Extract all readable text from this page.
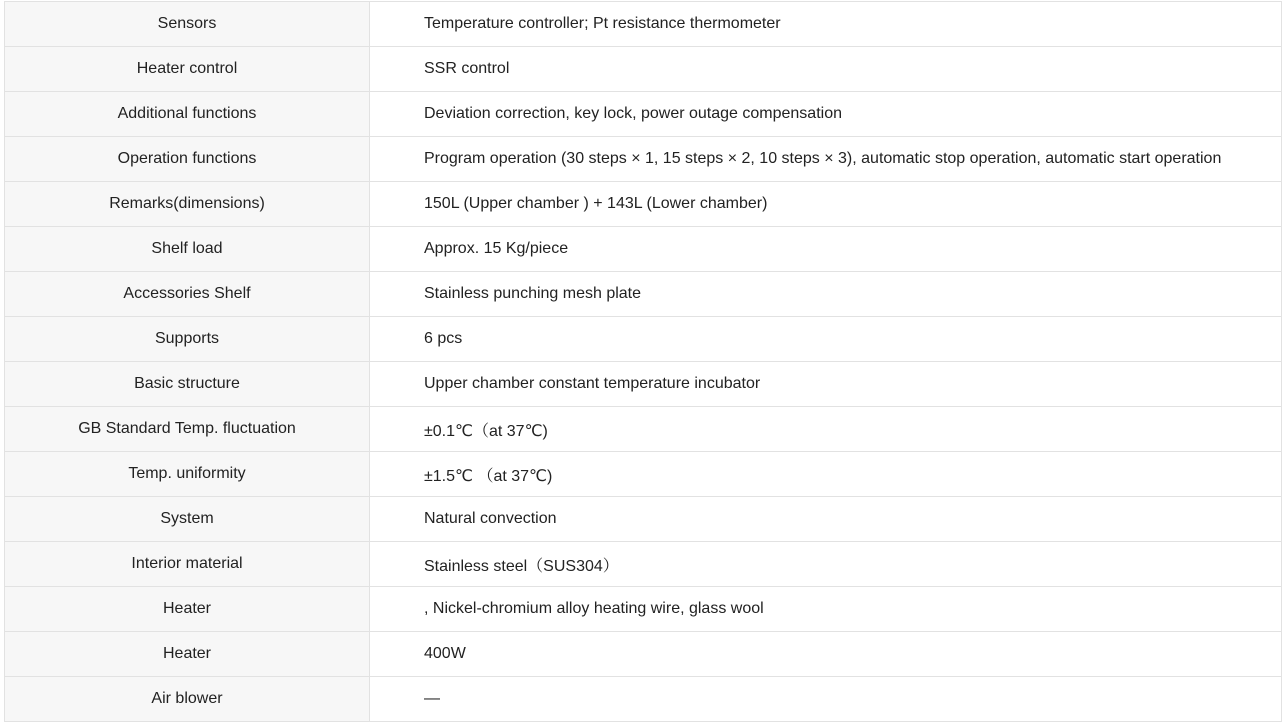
Sensors	Temperature controller; Pt resistance thermometer
Heater control	SSR control
Additional functions	Deviation correction, key lock, power outage compensation
Operation functions	Program operation (30 steps × 1, 15 steps × 2, 10 steps × 3), automatic stop operation, automatic start operation
Remarks(dimensions)	150L (Upper chamber ) + 143L (Lower chamber)
Shelf load	Approx. 15 Kg/piece
Accessories Shelf	Stainless punching mesh plate
Supports	6 pcs
Basic structure	Upper chamber constant temperature incubator
GB Standard Temp. fluctuation	±0.1℃（at 37℃)
Temp. uniformity	±1.5℃ （at 37℃)
System	Natural convection
Interior material	Stainless steel（SUS304）
Heater	, Nickel-chromium alloy heating wire, glass wool
Heater	400W
Air blower	—
